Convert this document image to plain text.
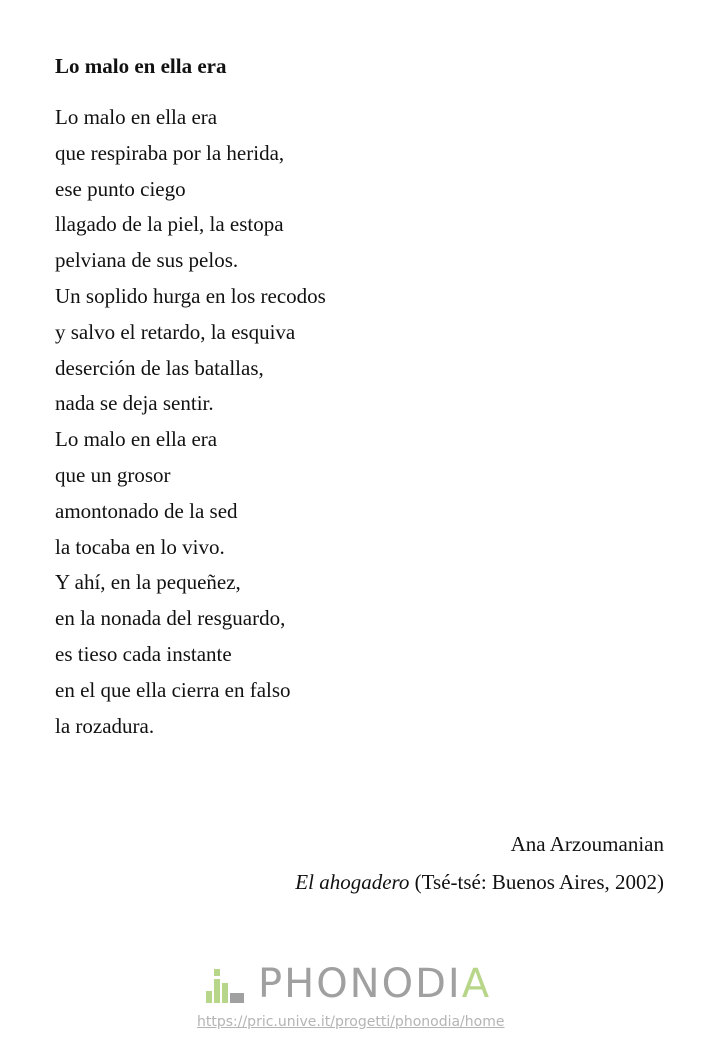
Lo malo en ella era
Lo malo en ella era
que respiraba por la herida,
ese punto ciego
llagado de la piel, la estopa
pelviana de sus pelos.
Un soplido hurga en los recodos
y salvo el retardo, la esquiva
deserción de las batallas,
nada se deja sentir.
Lo malo en ella era
que un grosor
amontonado de la sed
la tocaba en lo vivo.
Y ahí, en la pequeñez,
en la nonada del resguardo,
es tieso cada instante
en el que ella cierra en falso
la rozadura.
Ana Arzoumanian
El ahogadero (Tsé-tsé: Buenos Aires, 2002)
PHONODIA
https://pric.unive.it/progetti/phonodia/home
